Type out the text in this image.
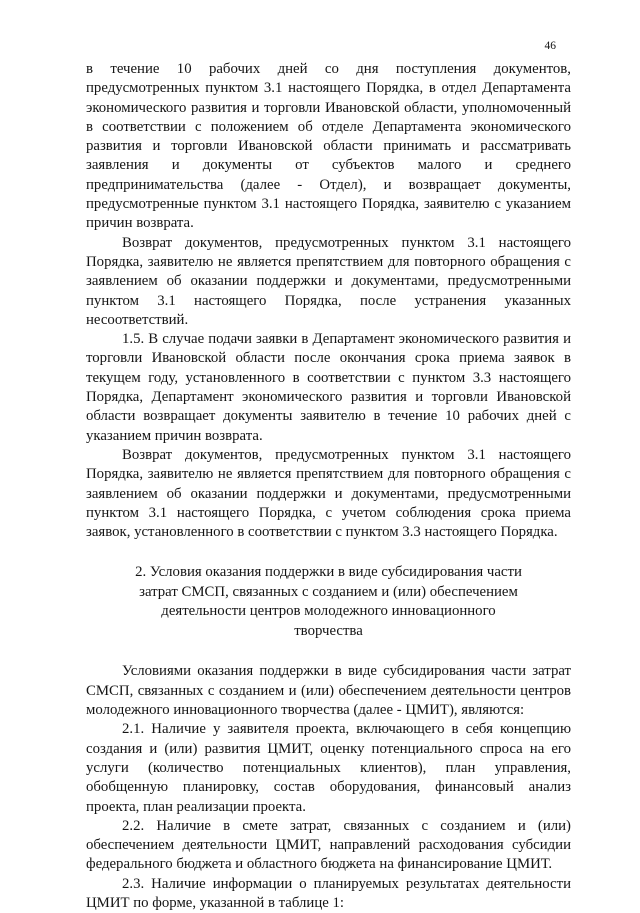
46

в течение 10 рабочих дней со дня поступления документов, предусмотренных пунктом 3.1 настоящего Порядка, в отдел Департамента экономического развития и торговли Ивановской области, уполномоченный в соответствии с положением об отделе Департамента экономического развития и торговли Ивановской области принимать и рассматривать заявления и документы от субъектов малого и среднего предпринимательства (далее - Отдел), и возвращает документы, предусмотренные пунктом 3.1 настоящего Порядка, заявителю с указанием причин возврата.

Возврат документов, предусмотренных пунктом 3.1 настоящего Порядка, заявителю не является препятствием для повторного обращения с заявлением об оказании поддержки и документами, предусмотренными пунктом 3.1 настоящего Порядка, после устранения указанных несоответствий.

1.5. В случае подачи заявки в Департамент экономического развития и торговли Ивановской области после окончания срока приема заявок в текущем году, установленного в соответствии с пунктом 3.3 настоящего Порядка, Департамент экономического развития и торговли Ивановской области возвращает документы заявителю в течение 10 рабочих дней с указанием причин возврата.

Возврат документов, предусмотренных пунктом 3.1 настоящего Порядка, заявителю не является препятствием для повторного обращения с заявлением об оказании поддержки и документами, предусмотренными пунктом 3.1 настоящего Порядка, с учетом соблюдения срока приема заявок, установленного в соответствии с пунктом 3.3 настоящего Порядка.

2. Условия оказания поддержки в виде субсидирования части затрат СМСП, связанных с созданием и (или) обеспечением деятельности центров молодежного инновационного творчества

Условиями оказания поддержки в виде субсидирования части затрат СМСП, связанных с созданием и (или) обеспечением деятельности центров молодежного инновационного творчества (далее - ЦМИТ), являются:

2.1. Наличие у заявителя проекта, включающего в себя концепцию создания и (или) развития ЦМИТ, оценку потенциального спроса на его услуги (количество потенциальных клиентов), план управления, обобщенную планировку, состав оборудования, финансовый анализ проекта, план реализации проекта.

2.2. Наличие в смете затрат, связанных с созданием и (или) обеспечением деятельности ЦМИТ, направлений расходования субсидии федерального бюджета и областного бюджета на финансирование ЦМИТ.

2.3. Наличие информации о планируемых результатах деятельности ЦМИТ по форме, указанной в таблице 1:
